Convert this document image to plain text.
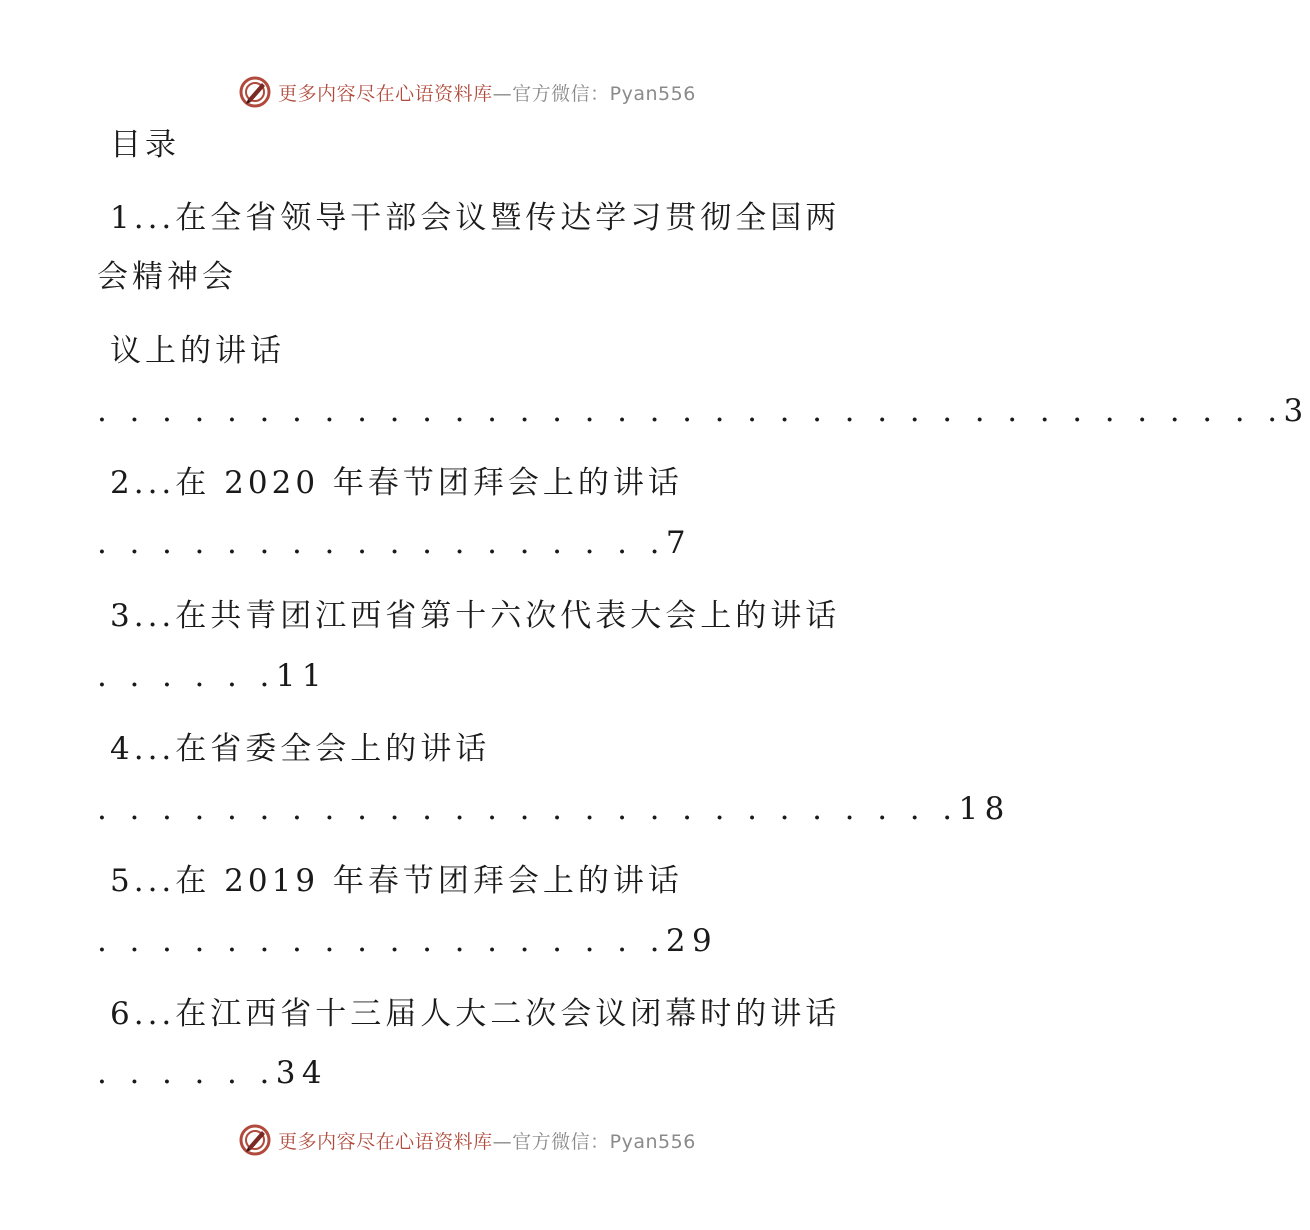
更多内容尽在心语资料库—官方微信：Pyan556
目录
1...在全省领导干部会议暨传达学习贯彻全国两
会精神会
议上的讲话
. . . . . . . . . . . . . . . . . . . . . . . . . . . . . . . . . . . . .3
2...在 2020 年春节团拜会上的讲话
. . . . . . . . . . . . . . . . . .7
3...在共青团江西省第十六次代表大会上的讲话
. . . . . .11
4...在省委全会上的讲话
. . . . . . . . . . . . . . . . . . . . . . . . . . .18
5...在 2019 年春节团拜会上的讲话
. . . . . . . . . . . . . . . . . .29
6...在江西省十三届人大二次会议闭幕时的讲话
. . . . . .34
更多内容尽在心语资料库—官方微信：Pyan556
